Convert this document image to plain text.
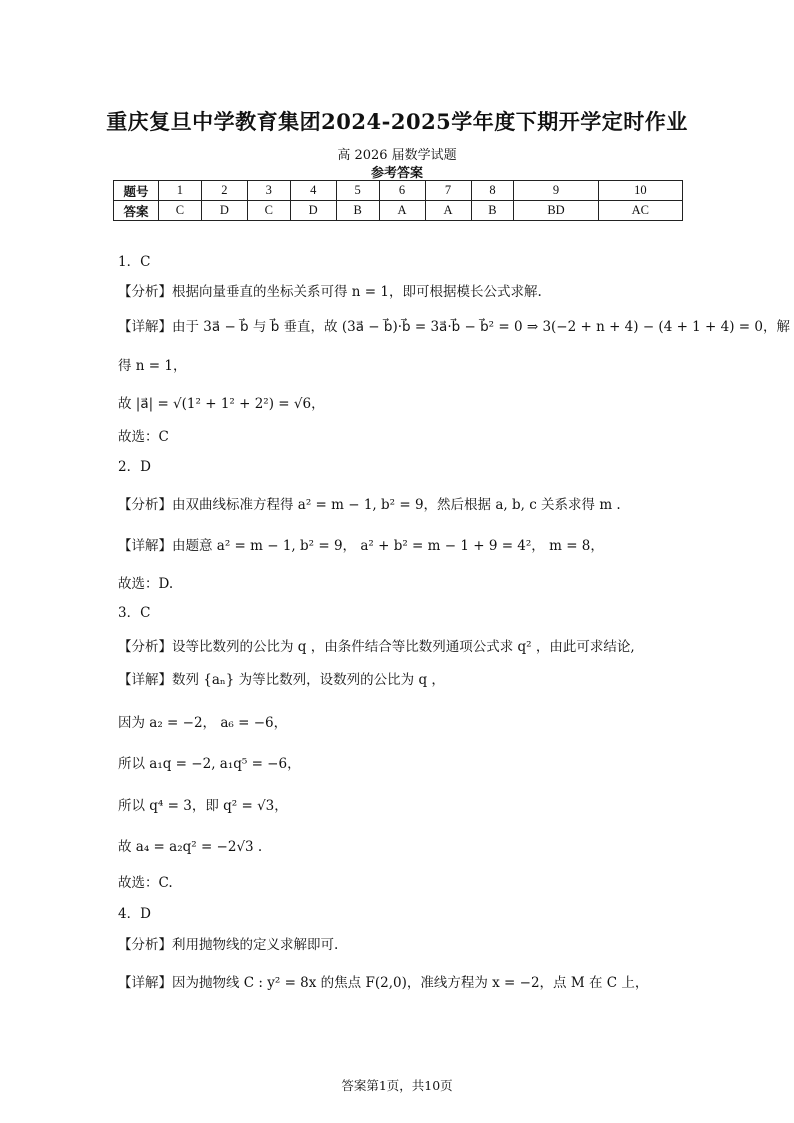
重庆复旦中学教育集团2024-2025学年度下期开学定时作业
高 2026 届数学试题
参考答案
题号	1	2	3	4	5	6	7	8	9	10
答案	C	D	C	D	B	A	A	B	BD	AC
1．C
【分析】根据向量垂直的坐标关系可得 n = 1，即可根据模长公式求解.
【详解】由于 3a⃗ − b⃗ 与 b⃗ 垂直，故 (3a⃗ − b⃗)·b⃗ = 3a⃗·b⃗ − b⃗² = 0 ⇒ 3(−2 + n + 4) − (4 + 1 + 4) = 0，解
得 n = 1，
故 |a⃗| = √(1² + 1² + 2²) = √6，
故选：C
2．D
【分析】由双曲线标准方程得 a² = m − 1, b² = 9，然后根据 a, b, c 关系求得 m .
【详解】由题意 a² = m − 1, b² = 9， a² + b² = m − 1 + 9 = 4²， m = 8，
故选：D.
3．C
【分析】设等比数列的公比为 q ，由条件结合等比数列通项公式求 q² ，由此可求结论,
【详解】数列 {aₙ} 为等比数列，设数列的公比为 q ，
因为 a₂ = −2， a₆ = −6，
所以 a₁q = −2, a₁q⁵ = −6，
所以 q⁴ = 3，即 q² = √3，
故 a₄ = a₂q² = −2√3 .
故选：C.
4．D
【分析】利用抛物线的定义求解即可.
【详解】因为抛物线 C : y² = 8x 的焦点 F(2,0)，准线方程为 x = −2，点 M 在 C 上，
答案第1页，共10页
